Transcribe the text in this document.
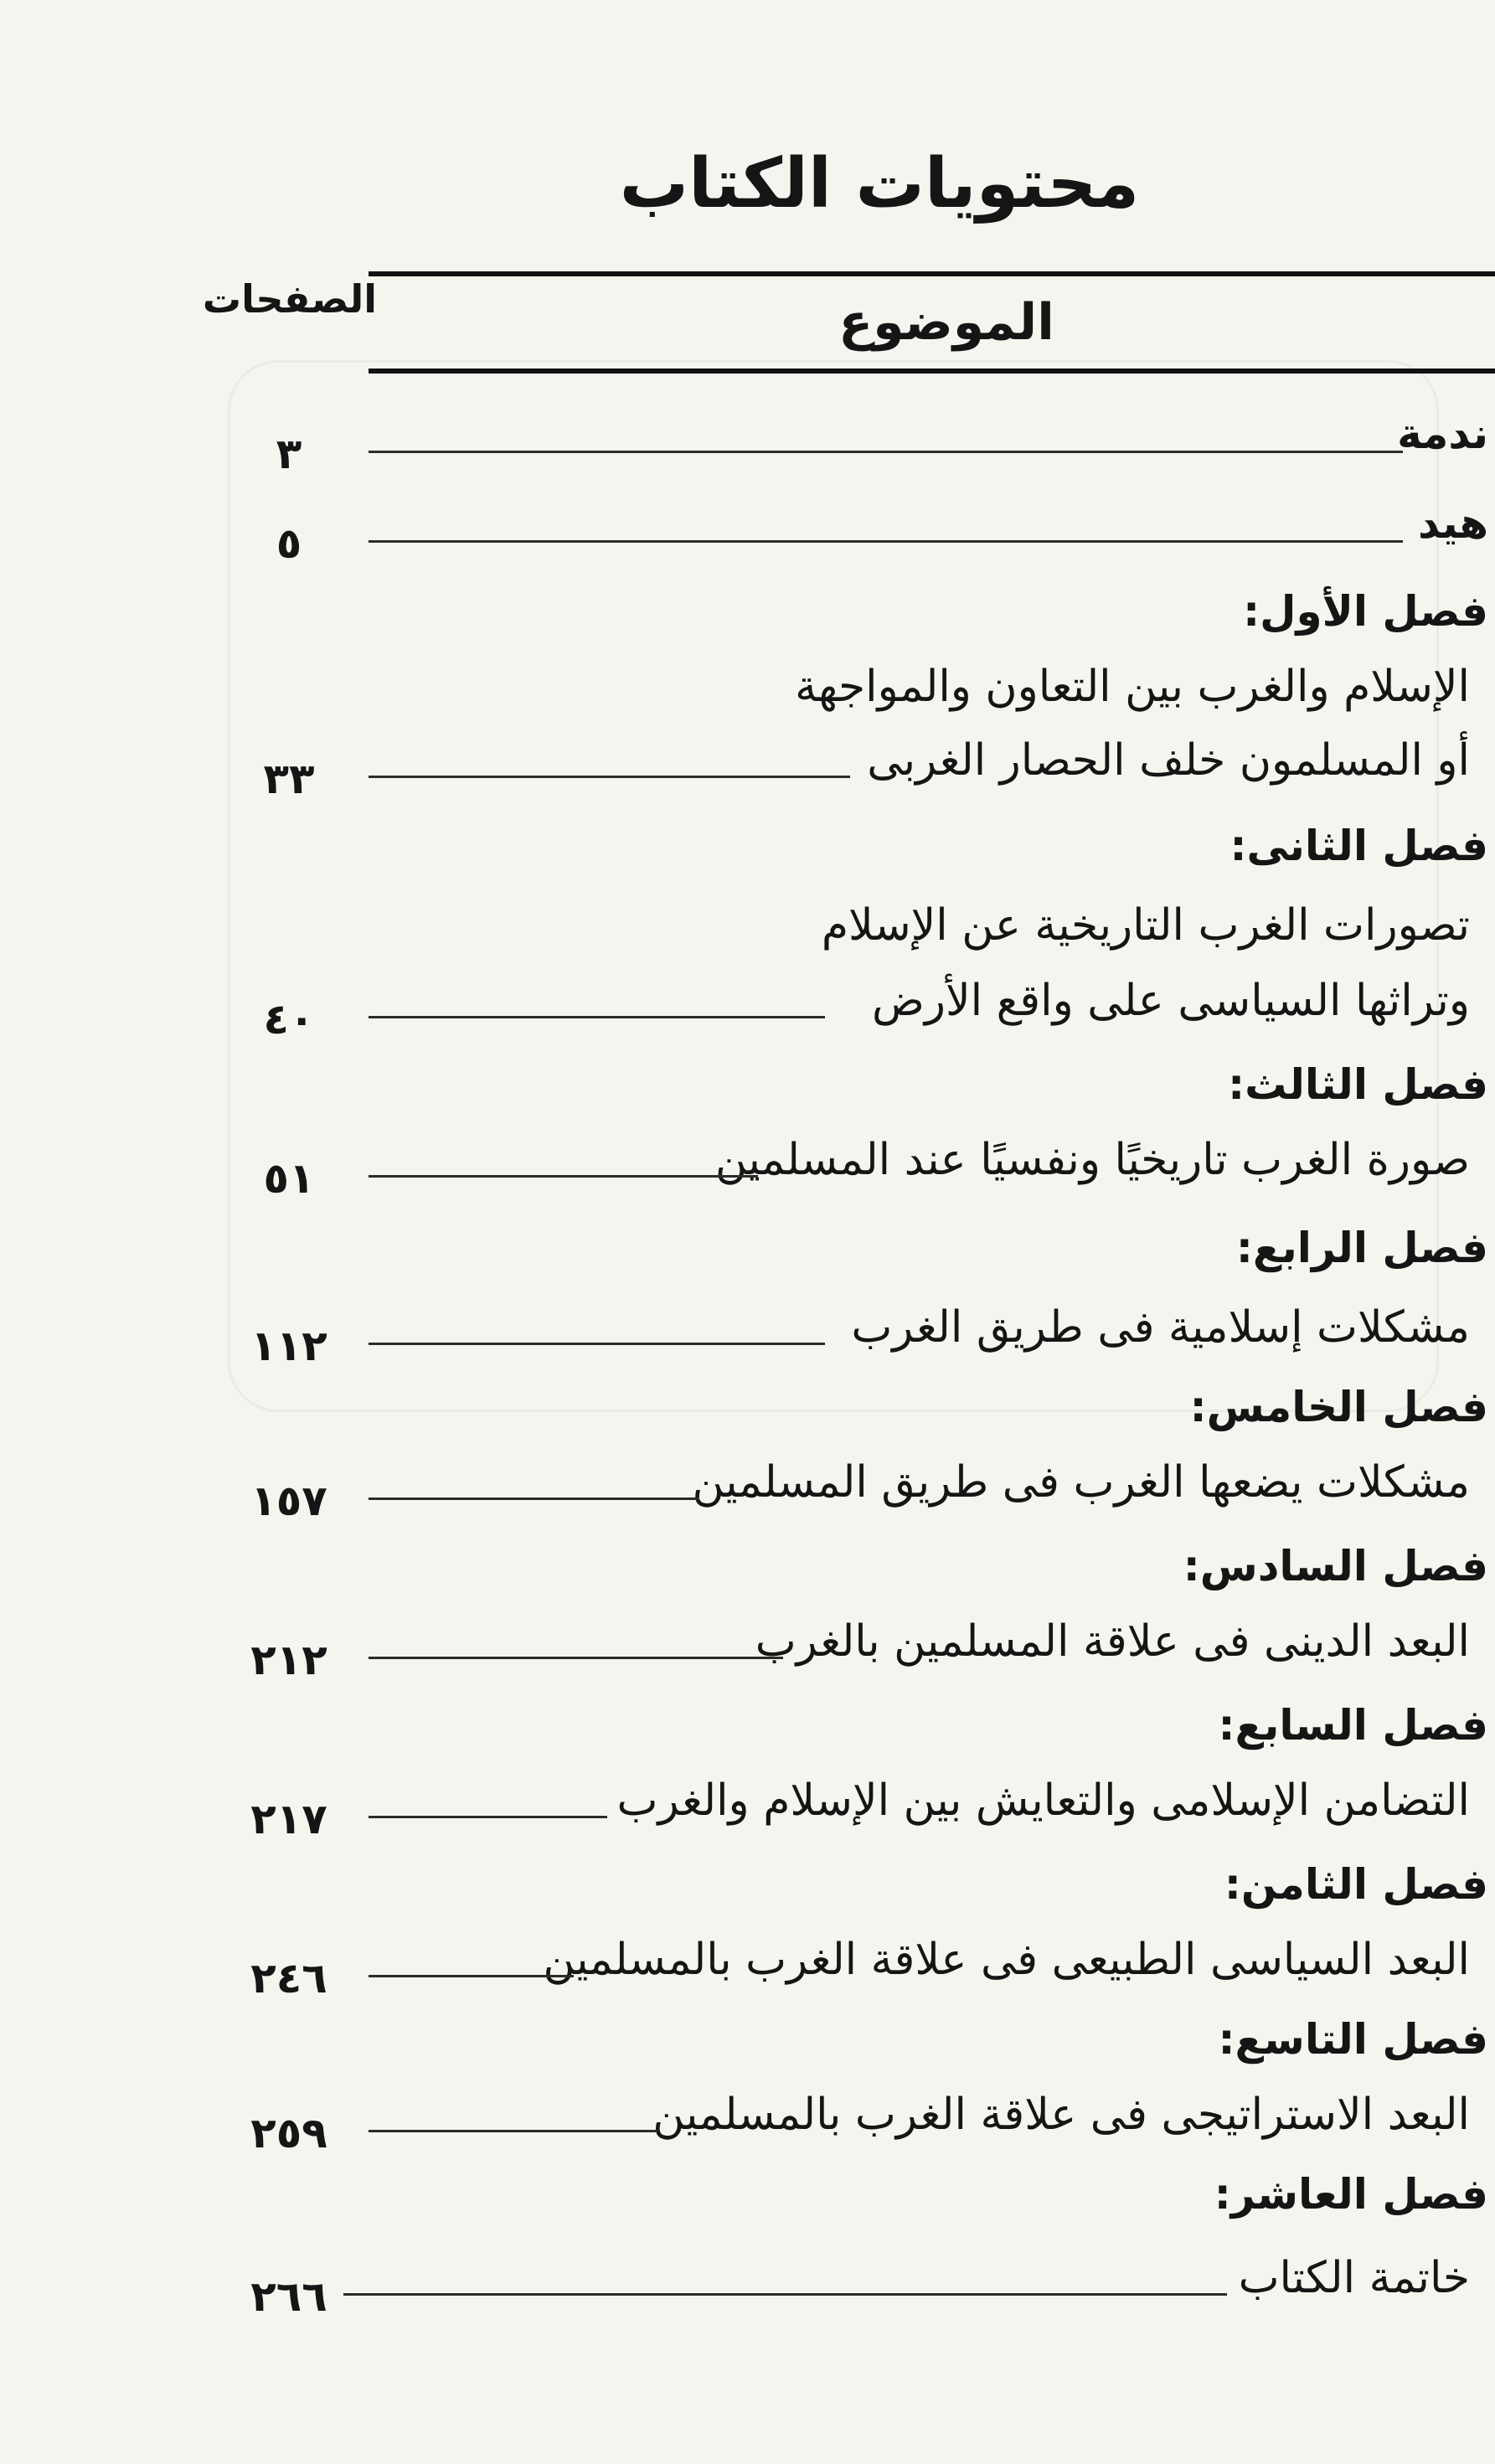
محتويات الكتاب
الصفحات	الموضوع
ندمة
٣
هيد
٥
فصل الأول:
الإسلام والغرب بين التعاون والمواجهة
أو المسلمون خلف الحصار الغربى
٣٣
فصل الثانى:
تصورات الغرب التاريخية عن الإسلام
وتراثها السياسى على واقع الأرض
٤٠
فصل الثالث:
صورة الغرب تاريخيًا ونفسيًا عند المسلمين
٥١
فصل الرابع:
مشكلات إسلامية فى طريق الغرب
١١٢
فصل الخامس:
مشكلات يضعها الغرب فى طريق المسلمين
١٥٧
فصل السادس:
البعد الدينى فى علاقة المسلمين بالغرب
٢١٢
فصل السابع:
التضامن الإسلامى والتعايش بين الإسلام والغرب
٢١٧
فصل الثامن:
البعد السياسى الطبيعى فى علاقة الغرب بالمسلمين
٢٤٦
فصل التاسع:
البعد الاستراتيجى فى علاقة الغرب بالمسلمين
٢٥٩
فصل العاشر:
خاتمة الكتاب
٢٦٦
